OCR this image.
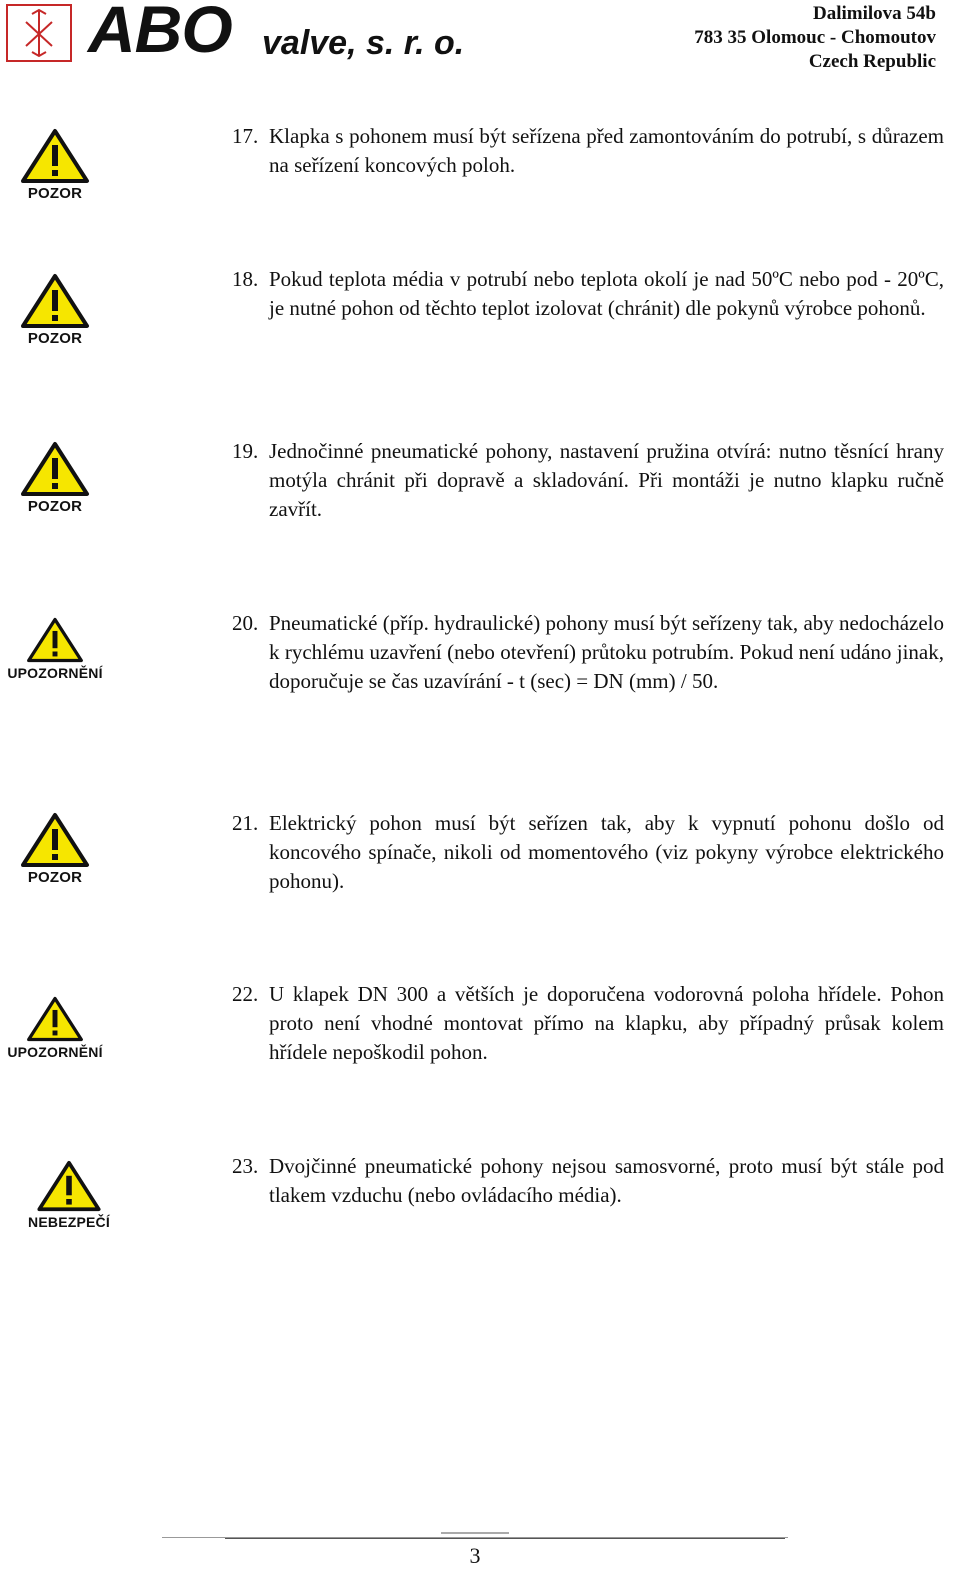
ABO valve, s. r. o.
Dalimilova 54b
783 35 Olomouc - Chomoutov
Czech Republic
POZOR
17. Klapka s pohonem musí být seřízena před zamontováním do potrubí, s důrazem na seřízení koncových poloh.
POZOR
18. Pokud teplota média v potrubí nebo teplota okolí je nad 50ºC nebo pod - 20ºC, je nutné pohon od těchto teplot izolovat (chránit) dle pokynů výrobce pohonů.
POZOR
19. Jednočinné pneumatické pohony, nastavení pružina otvírá: nutno těsnící hrany motýla chránit při dopravě a skladování. Při montáži je nutno klapku ručně zavřít.
UPOZORNĚNÍ
20. Pneumatické (příp. hydraulické) pohony musí být seřízeny tak, aby nedocházelo k rychlému uzavření (nebo otevření) průtoku potrubím. Pokud není udáno jinak, doporučuje se čas uzavírání - t (sec) = DN (mm) / 50.
POZOR
21. Elektrický pohon musí být seřízen tak, aby k vypnutí pohonu došlo od koncového spínače, nikoli od momentového (viz pokyny výrobce elektrického pohonu).
UPOZORNĚNÍ
22. U klapek DN 300 a větších je doporučena vodorovná poloha hřídele. Pohon proto není vhodné montovat přímo na klapku, aby případný průsak kolem hřídele nepoškodil pohon.
NEBEZPEČÍ
23. Dvojčinné pneumatické pohony nejsou samosvorné, proto musí být stále pod tlakem vzduchu (nebo ovládacího média).
3
